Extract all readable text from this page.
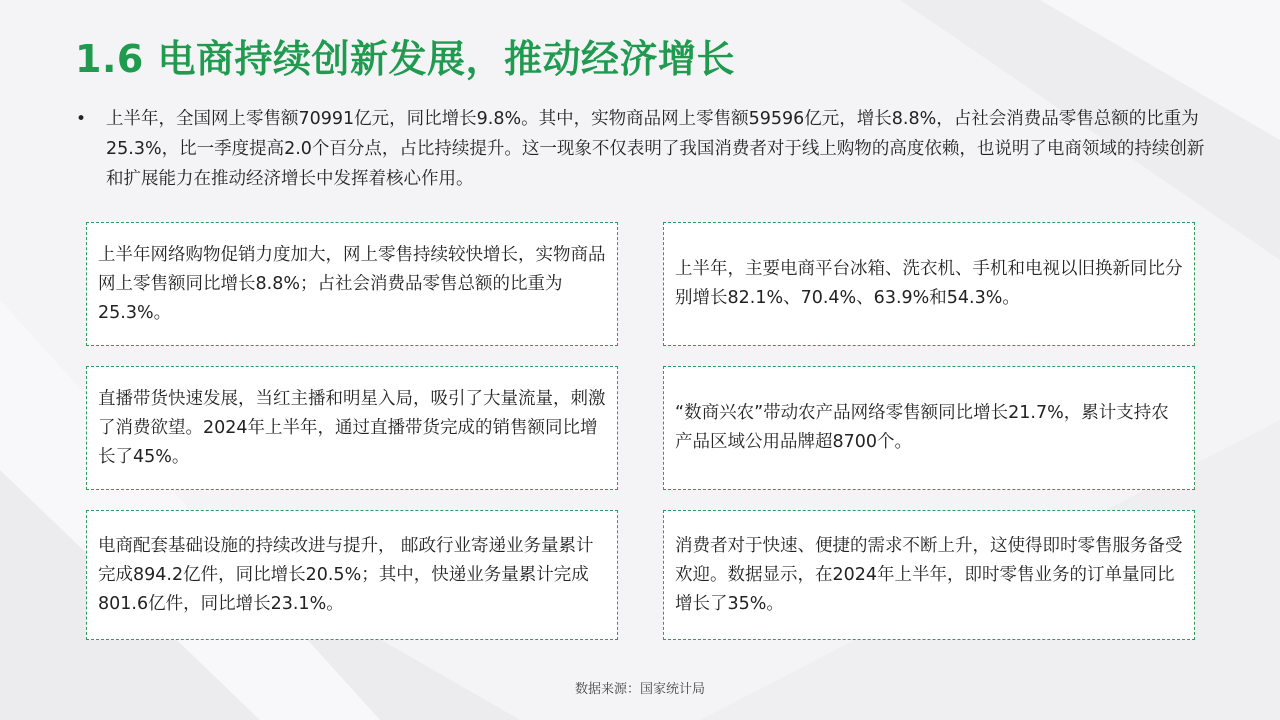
1.6 电商持续创新发展，推动经济增长
•	上半年，全国网上零售额70991亿元，同比增长9.8%。其中，实物商品网上零售额59596亿元，增长8.8%，占社会消费品零售总额的比重为25.3%，比一季度提高2.0个百分点，占比持续提升。这一现象不仅表明了我国消费者对于线上购物的高度依赖，也说明了电商领域的持续创新和扩展能力在推动经济增长中发挥着核心作用。
上半年网络购物促销力度加大，网上零售持续较快增长，实物商品网上零售额同比增长8.8%；占社会消费品零售总额的比重为25.3%。
上半年，主要电商平台冰箱、洗衣机、手机和电视以旧换新同比分别增长82.1%、70.4%、63.9%和54.3%。
直播带货快速发展，当红主播和明星入局，吸引了大量流量，刺激了消费欲望。2024年上半年，通过直播带货完成的销售额同比增长了45%。
“数商兴农”带动农产品网络零售额同比增长21.7%，累计支持农产品区域公用品牌超8700个。
电商配套基础设施的持续改进与提升， 邮政行业寄递业务量累计完成894.2亿件，同比增长20.5%；其中，快递业务量累计完成801.6亿件，同比增长23.1%。
消费者对于快速、便捷的需求不断上升，这使得即时零售服务备受欢迎。数据显示，在2024年上半年，即时零售业务的订单量同比增长了35%。
数据来源：国家统计局
